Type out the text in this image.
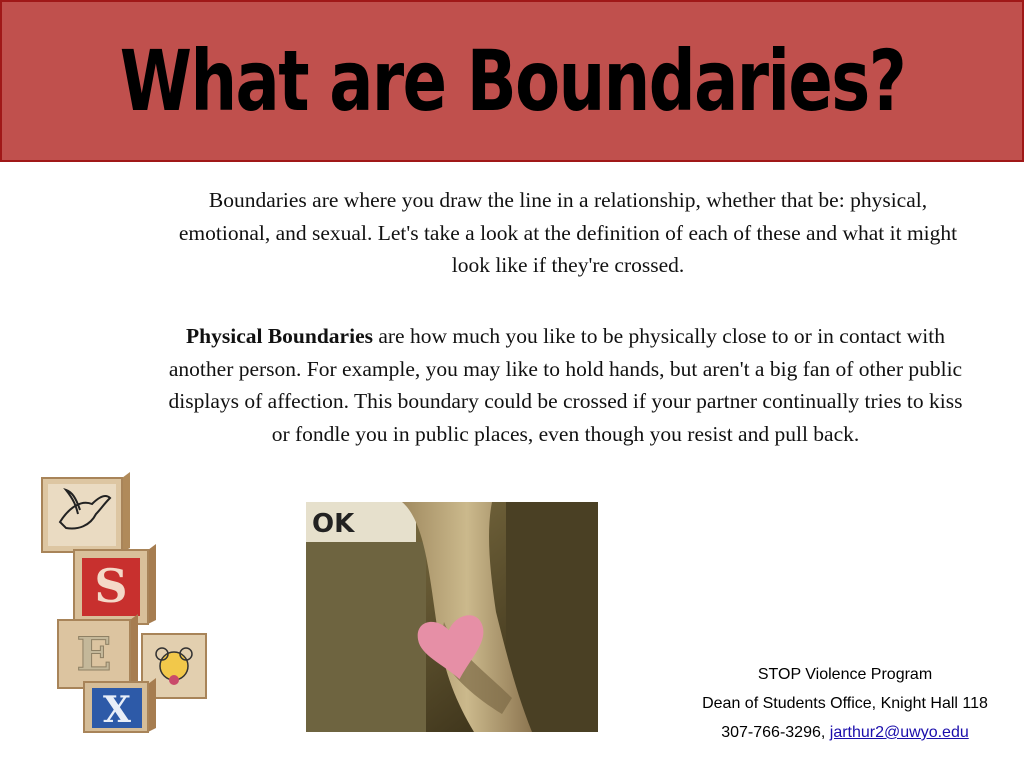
What are Boundaries?

Boundaries are where you draw the line in a relationship, whether that be: physical, emotional, and sexual. Let's take a look at the definition of each of these and what it might look like if they're crossed.

Physical Boundaries are how much you like to be physically close to or in contact with another person. For example, you may like to hold hands, but aren't a big fan of other public displays of affection. This boundary could be crossed if your partner continually tries to kiss or fondle you in public places, even though you resist and pull back.

S
E
X
OK
STOP Violence Program
Dean of Students Office, Knight Hall 118
307-766-3296, jarthur2@uwyo.edu
